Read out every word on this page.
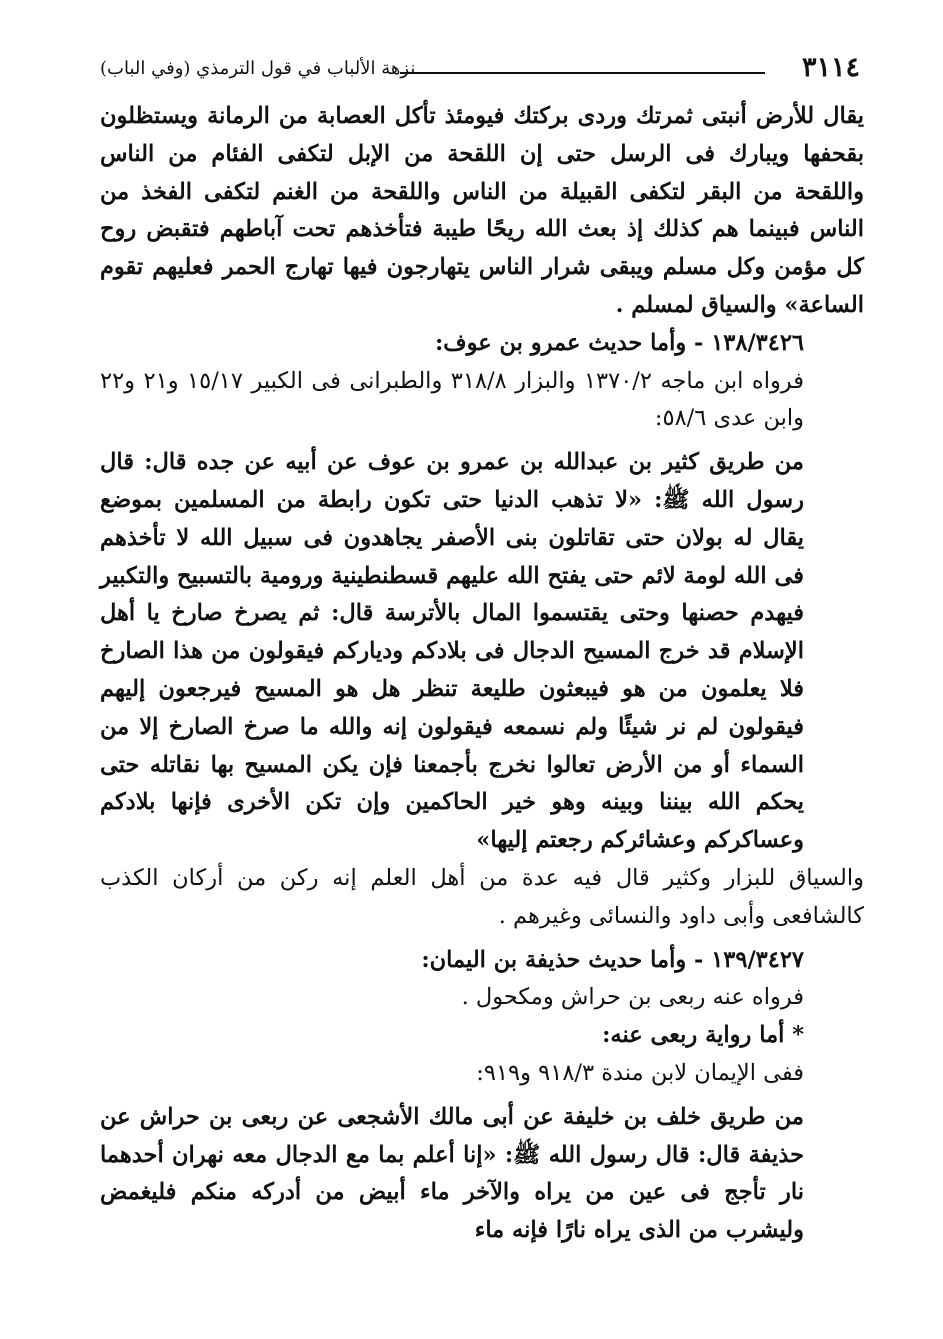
٣١١٤
نزهة الألباب في قول الترمذي (وفي الباب)

يقال للأرض أنبتى ثمرتك وردى بركتك فيومئذ تأكل العصابة من الرمانة ويستظلون بقحفها ويبارك فى الرسل حتى إن اللقحة من الإبل لتكفى الفئام من الناس واللقحة من البقر لتكفى القبيلة من الناس واللقحة من الغنم لتكفى الفخذ من الناس فبينما هم كذلك إذ بعث الله ريحًا طيبة فتأخذهم تحت آباطهم فتقبض روح كل مؤمن وكل مسلم ويبقى شرار الناس يتهارجون فيها تهارج الحمر فعليهم تقوم الساعة» والسياق لمسلم .

١٣٨/٣٤٢٦ - وأما حديث عمرو بن عوف:

فرواه ابن ماجه ١٣٧٠/٢ والبزار ٣١٨/٨ والطبرانى فى الكبير ١٥/١٧ و٢١ و٢٢ وابن عدى ٥٨/٦:

من طريق كثير بن عبدالله بن عمرو بن عوف عن أبيه عن جده قال: قال رسول الله ﷺ: «لا تذهب الدنيا حتى تكون رابطة من المسلمين بموضع يقال له بولان حتى تقاتلون بنى الأصفر يجاهدون فى سبيل الله لا تأخذهم فى الله لومة لائم حتى يفتح الله عليهم قسطنطينية ورومية بالتسبيح والتكبير فيهدم حصنها وحتى يقتسموا المال بالأترسة قال: ثم يصرخ صارخ يا أهل الإسلام قد خرج المسيح الدجال فى بلادكم ودياركم فيقولون من هذا الصارخ فلا يعلمون من هو فيبعثون طليعة تنظر هل هو المسيح فيرجعون إليهم فيقولون لم نر شيئًا ولم نسمعه فيقولون إنه والله ما صرخ الصارخ إلا من السماء أو من الأرض تعالوا نخرج بأجمعنا فإن يكن المسيح بها نقاتله حتى يحكم الله بيننا وبينه وهو خير الحاكمين وإن تكن الأخرى فإنها بلادكم وعساكركم وعشائركم رجعتم إليها»

والسياق للبزار وكثير قال فيه عدة من أهل العلم إنه ركن من أركان الكذب كالشافعى وأبى داود والنسائى وغيرهم .

١٣٩/٣٤٢٧ - وأما حديث حذيفة بن اليمان:

فرواه عنه ربعى بن حراش ومكحول .

* أما رواية ربعى عنه:

ففى الإيمان لابن مندة ٩١٨/٣ و٩١٩:

من طريق خلف بن خليفة عن أبى مالك الأشجعى عن ربعى بن حراش عن حذيفة قال: قال رسول الله ﷺ: «إنا أعلم بما مع الدجال معه نهران أحدهما نار تأجج فى عين من يراه والآخر ماء أبيض من أدركه منكم فليغمض وليشرب من الذى يراه نارًا فإنه ماء
